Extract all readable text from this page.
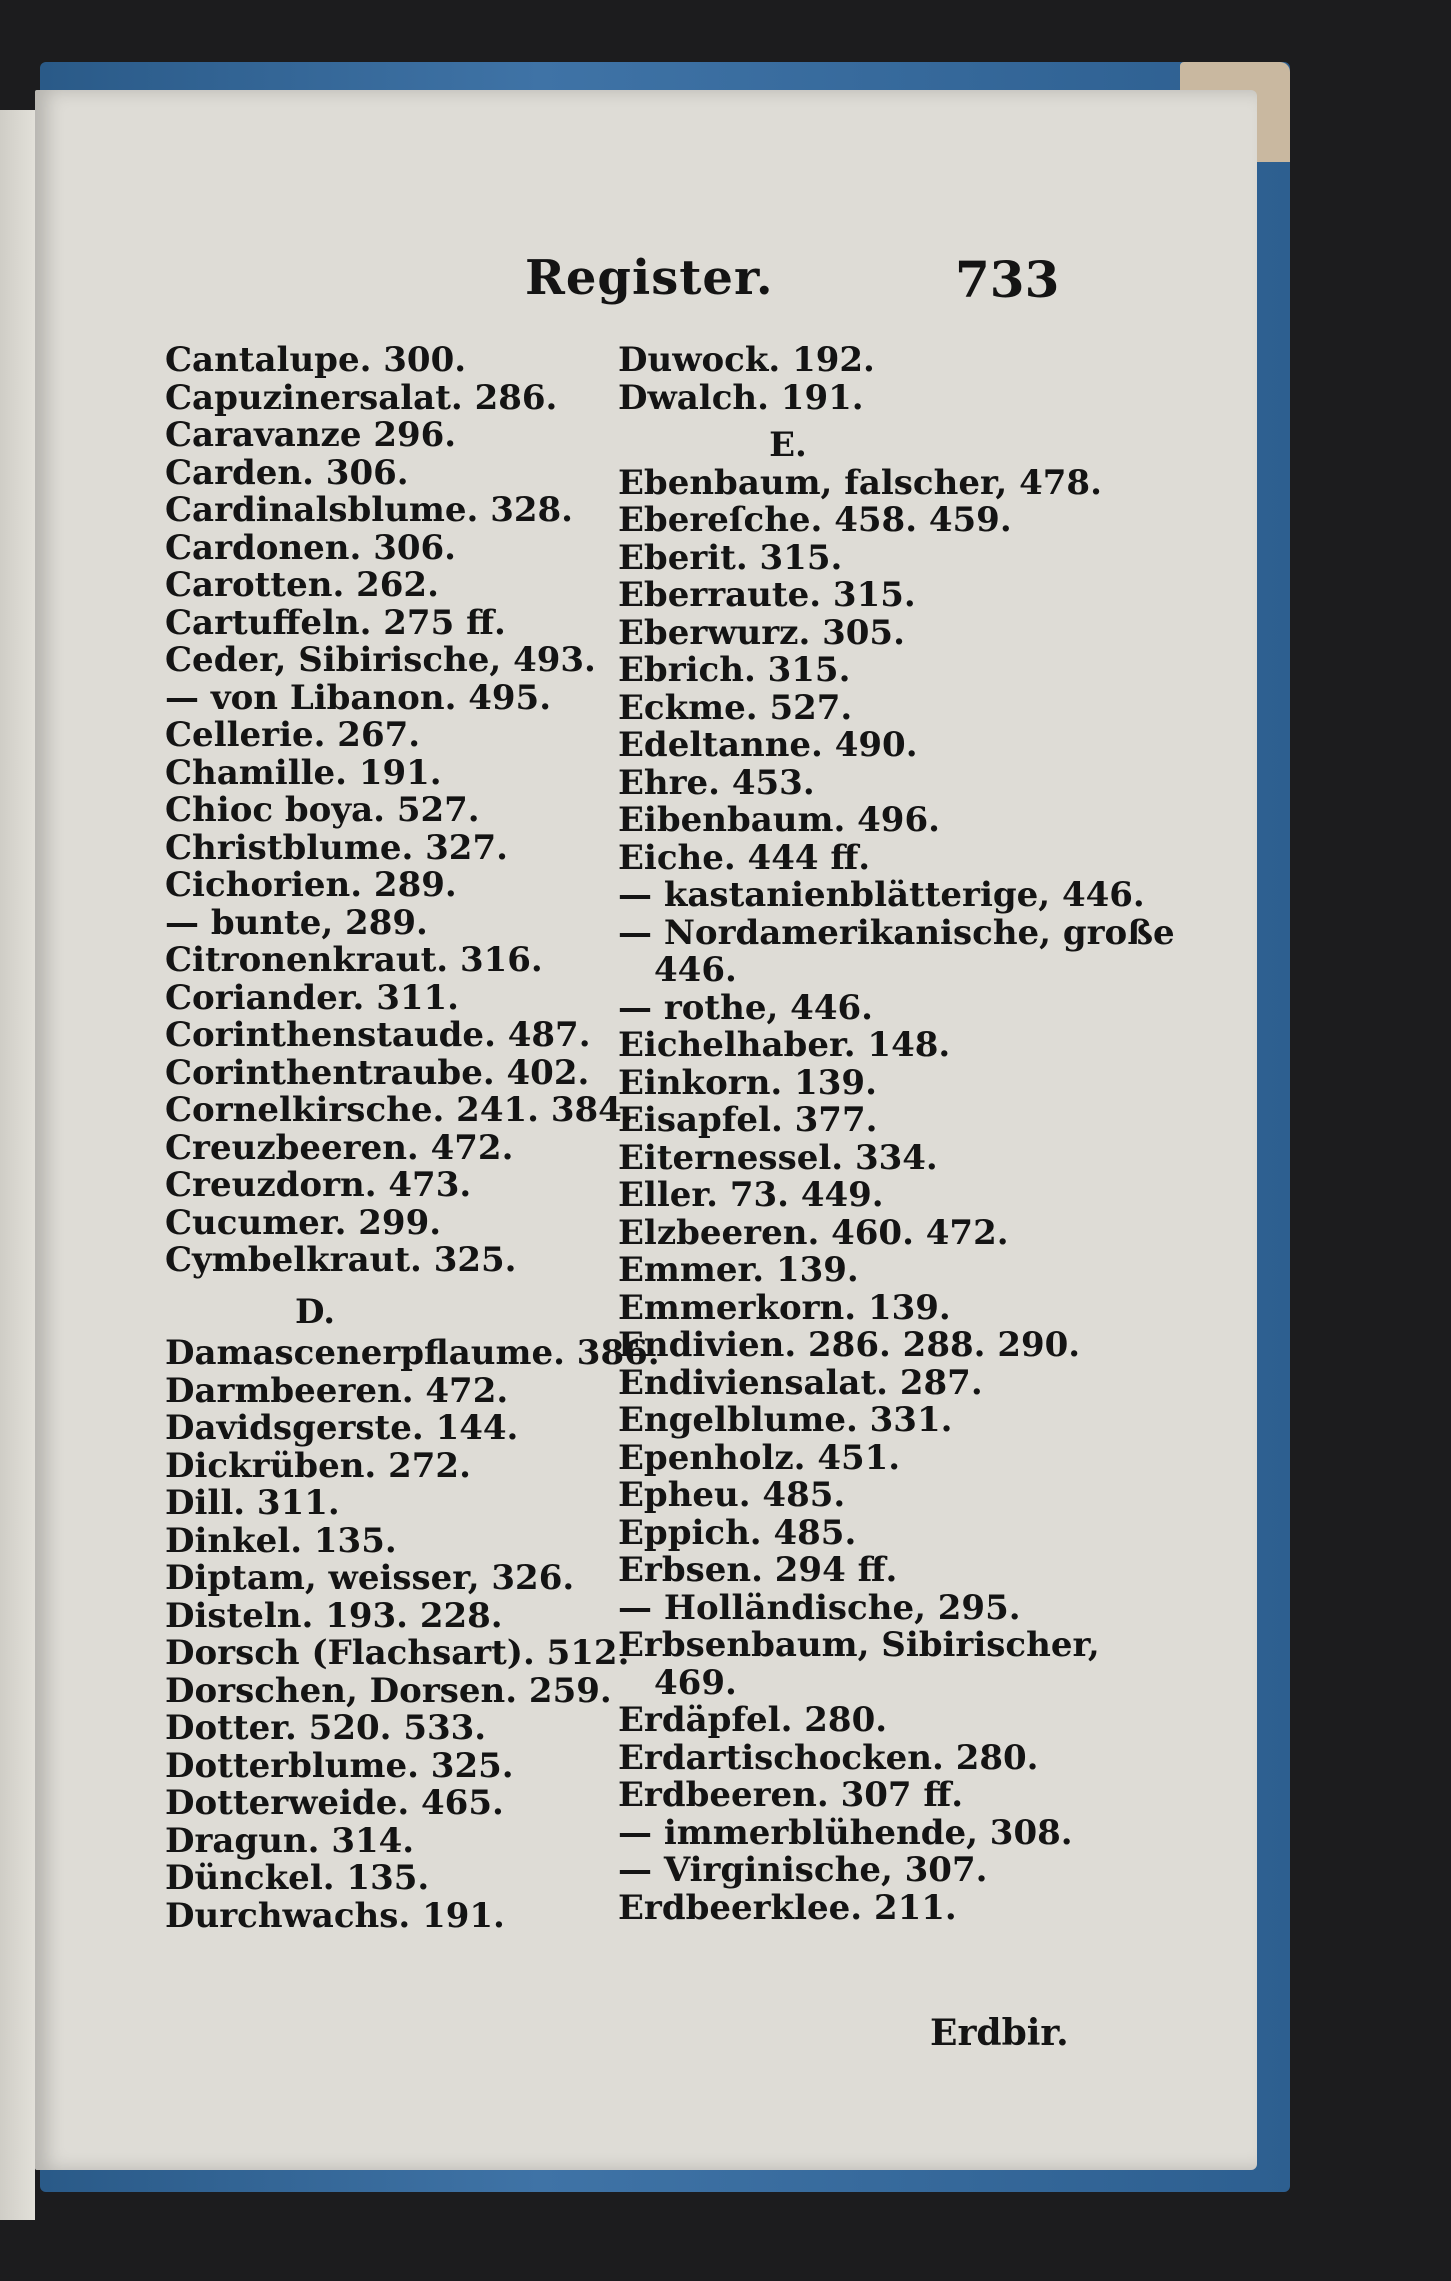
Register.	733
Cantalupe. 300.
Capuzinersalat. 286.
Caravanze 296.
Carden. 306.
Cardinalsblume. 328.
Cardonen. 306.
Carotten. 262.
Cartuffeln. 275 ff.
Ceder, Sibirische, 493.
— von Libanon. 495.
Cellerie. 267.
Chamille. 191.
Chioc boya. 527.
Christblume. 327.
Cichorien. 289.
— bunte, 289.
Citronenkraut. 316.
Coriander. 311.
Corinthenstaude. 487.
Corinthentraube. 402.
Cornelkirsche. 241. 384.
Creuzbeeren. 472.
Creuzdorn. 473.
Cucumer. 299.
Cymbelkraut. 325.
D.
Damascenerpflaume. 386.
Darmbeeren. 472.
Davidsgerste. 144.
Dickrüben. 272.
Dill. 311.
Dinkel. 135.
Diptam, weisser, 326.
Disteln. 193. 228.
Dorsch (Flachsart). 512.
Dorschen, Dorsen. 259.
Dotter. 520. 533.
Dotterblume. 325.
Dotterweide. 465.
Dragun. 314.
Dünckel. 135.
Durchwachs. 191.
Duwock. 192.
Dwalch. 191.
E.
Ebenbaum, falscher, 478.
Ebereſche. 458. 459.
Eberit. 315.
Eberraute. 315.
Eberwurz. 305.
Ebrich. 315.
Eckme. 527.
Edeltanne. 490.
Ehre. 453.
Eibenbaum. 496.
Eiche. 444 ff.
— kastanienblätterige, 446.
— Nordamerikanische, große
446.
— rothe, 446.
Eichelhaber. 148.
Einkorn. 139.
Eisapfel. 377.
Eiternessel. 334.
Eller. 73. 449.
Elzbeeren. 460. 472.
Emmer. 139.
Emmerkorn. 139.
Endivien. 286. 288. 290.
Endiviensalat. 287.
Engelblume. 331.
Epenholz. 451.
Epheu. 485.
Eppich. 485.
Erbsen. 294 ff.
— Holländische, 295.
Erbsenbaum, Sibirischer,
469.
Erdäpfel. 280.
Erdartischocken. 280.
Erdbeeren. 307 ff.
— immerblühende, 308.
— Virginische, 307.
Erdbeerklee. 211.
Erdbir.
